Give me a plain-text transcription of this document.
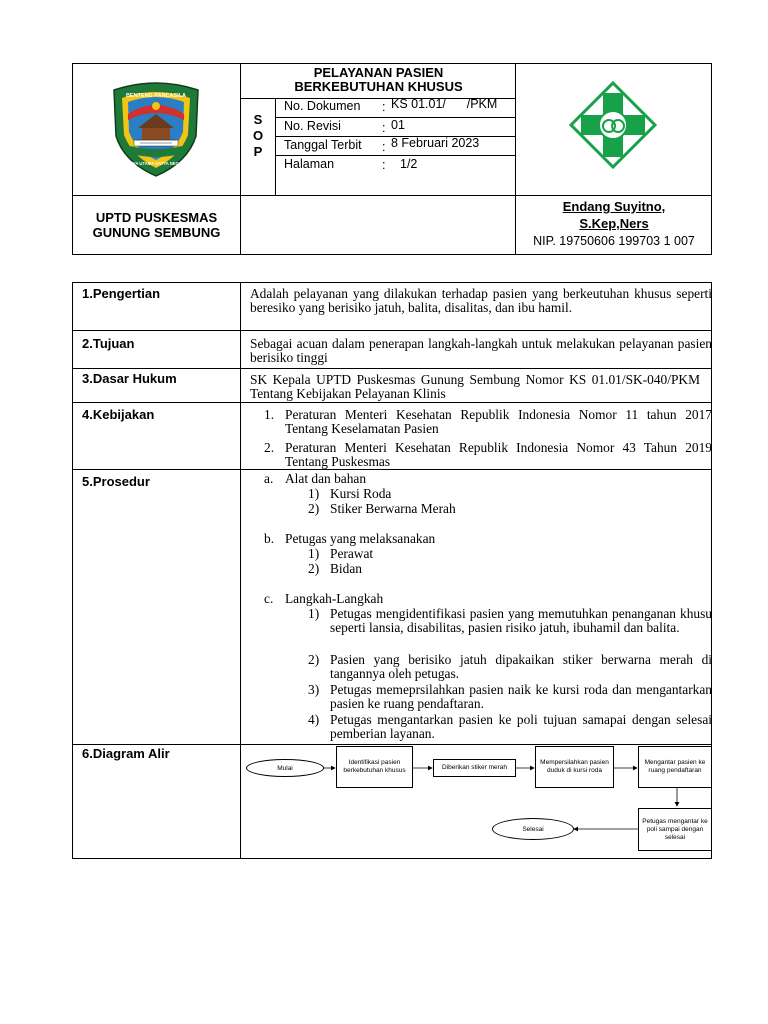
BENTENG PANCASILA
KARYA UTAMA SATYA NEGARA
PELAYANAN PASIEN
BERKEBUTUHAN KHUSUS
S
O
P
No. Dokumen : KS 01.01/      /PKM
No. Revisi	: 01
Tanggal Terbit : 8 Februari 2023
Halaman	: 1/2
UPTD PUSKESMAS
GUNUNG SEMBUNG
Endang Suyitno,
S.Kep,Ners
NIP. 19750606 199703 1 007
1.Pengertian	Adalah pelayanan yang dilakukan terhadap pasien yang berkeutuhan khusus seperti beresiko yang berisiko jatuh, balita, disalitas, dan ibu hamil.
2.Tujuan	Sebagai acuan dalam penerapan langkah-langkah untuk melakukan pelayanan pasien berisiko tinggi
3.Dasar Hukum	SK Kepala UPTD Puskesmas Gunung Sembung Nomor KS 01.01/SK-040/PKM Tentang Kebijakan Pelayanan Klinis
4.Kebijakan	1. Peraturan Menteri Kesehatan Republik Indonesia Nomor 11 tahun 2017 Tentang Keselamatan Pasien
2. Peraturan Menteri Kesehatan Republik Indonesia Nomor 43 Tahun 2019 Tentang Puskesmas
5.Prosedur	a. Alat dan bahan
1) Kursi Roda
2) Stiker Berwarna Merah
b. Petugas yang melaksanakan
1) Perawat
2) Bidan
c. Langkah-Langkah
1) Petugas mengidentifikasi pasien yang memutuhkan penanganan khusu seperti lansia, disabilitas, pasien risiko jatuh, ibuhamil dan balita.
2) Pasien yang berisiko jatuh dipakaikan stiker berwarna merah di tangannya oleh petugas.
3) Petugas memeprsilahkan pasien naik ke kursi roda dan mengantarkan pasien ke ruang pendaftaran.
4) Petugas mengantarkan pasien ke poli tujuan samapai dengan selesai pemberian layanan.
6.Diagram Alir
Mulai
Identifikasi pasien berkebutuhan khusus	Diberikan stiker merah
Mempersilahkan pasien duduk di kursi roda
Mengantar pasien ke ruang pendaftaran
Petugas mengantar ke poli sampai dengan selesai
Selesai
